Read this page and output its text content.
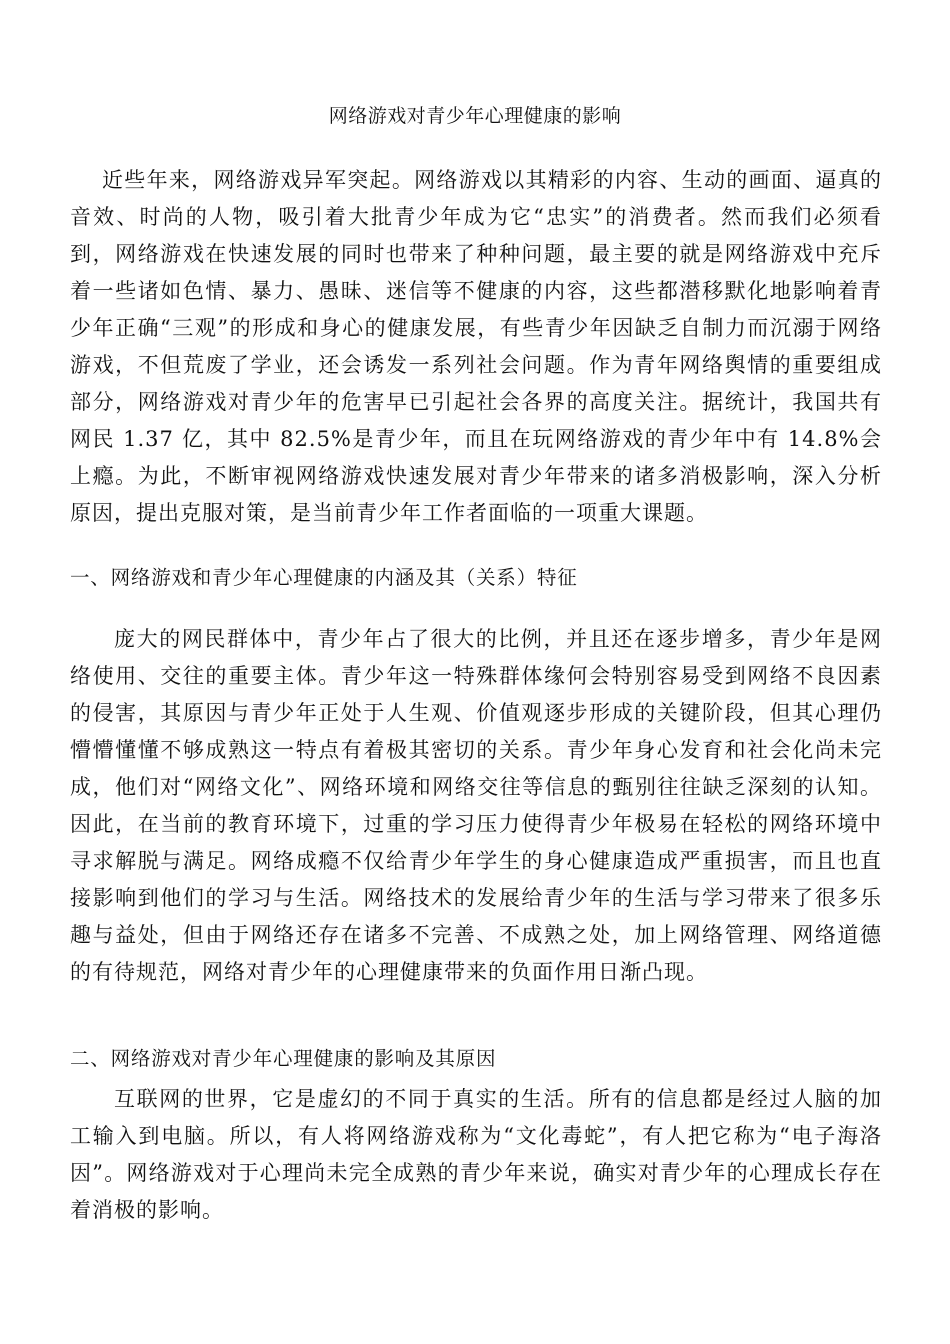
网络游戏对青少年心理健康的影响

近些年来，网络游戏异军突起。网络游戏以其精彩的内容、生动的画面、逼真的音效、时尚的人物，吸引着大批青少年成为它“忠实”的消费者。然而我们必须看到，网络游戏在快速发展的同时也带来了种种问题，最主要的就是网络游戏中充斥着一些诸如色情、暴力、愚昧、迷信等不健康的内容，这些都潜移默化地影响着青少年正确“三观”的形成和身心的健康发展，有些青少年因缺乏自制力而沉溺于网络游戏，不但荒废了学业，还会诱发一系列社会问题。作为青年网络舆情的重要组成部分，网络游戏对青少年的危害早已引起社会各界的高度关注。据统计，我国共有网民 1.37 亿，其中 82.5%是青少年，而且在玩网络游戏的青少年中有 14.8%会上瘾。为此，不断审视网络游戏快速发展对青少年带来的诸多消极影响，深入分析原因，提出克服对策，是当前青少年工作者面临的一项重大课题。

一、网络游戏和青少年心理健康的内涵及其（关系）特征

庞大的网民群体中，青少年占了很大的比例，并且还在逐步增多，青少年是网络使用、交往的重要主体。青少年这一特殊群体缘何会特别容易受到网络不良因素的侵害，其原因与青少年正处于人生观、价值观逐步形成的关键阶段，但其心理仍懵懵懂懂不够成熟这一特点有着极其密切的关系。青少年身心发育和社会化尚未完成，他们对“网络文化”、网络环境和网络交往等信息的甄别往往缺乏深刻的认知。因此，在当前的教育环境下，过重的学习压力使得青少年极易在轻松的网络环境中寻求解脱与满足。网络成瘾不仅给青少年学生的身心健康造成严重损害，而且也直接影响到他们的学习与生活。网络技术的发展给青少年的生活与学习带来了很多乐趣与益处，但由于网络还存在诸多不完善、不成熟之处，加上网络管理、网络道德的有待规范，网络对青少年的心理健康带来的负面作用日渐凸现。

二、网络游戏对青少年心理健康的影响及其原因

互联网的世界，它是虚幻的不同于真实的生活。所有的信息都是经过人脑的加工输入到电脑。所以，有人将网络游戏称为“文化毒蛇”，有人把它称为“电子海洛因”。网络游戏对于心理尚未完全成熟的青少年来说，确实对青少年的心理成长存在着消极的影响。
